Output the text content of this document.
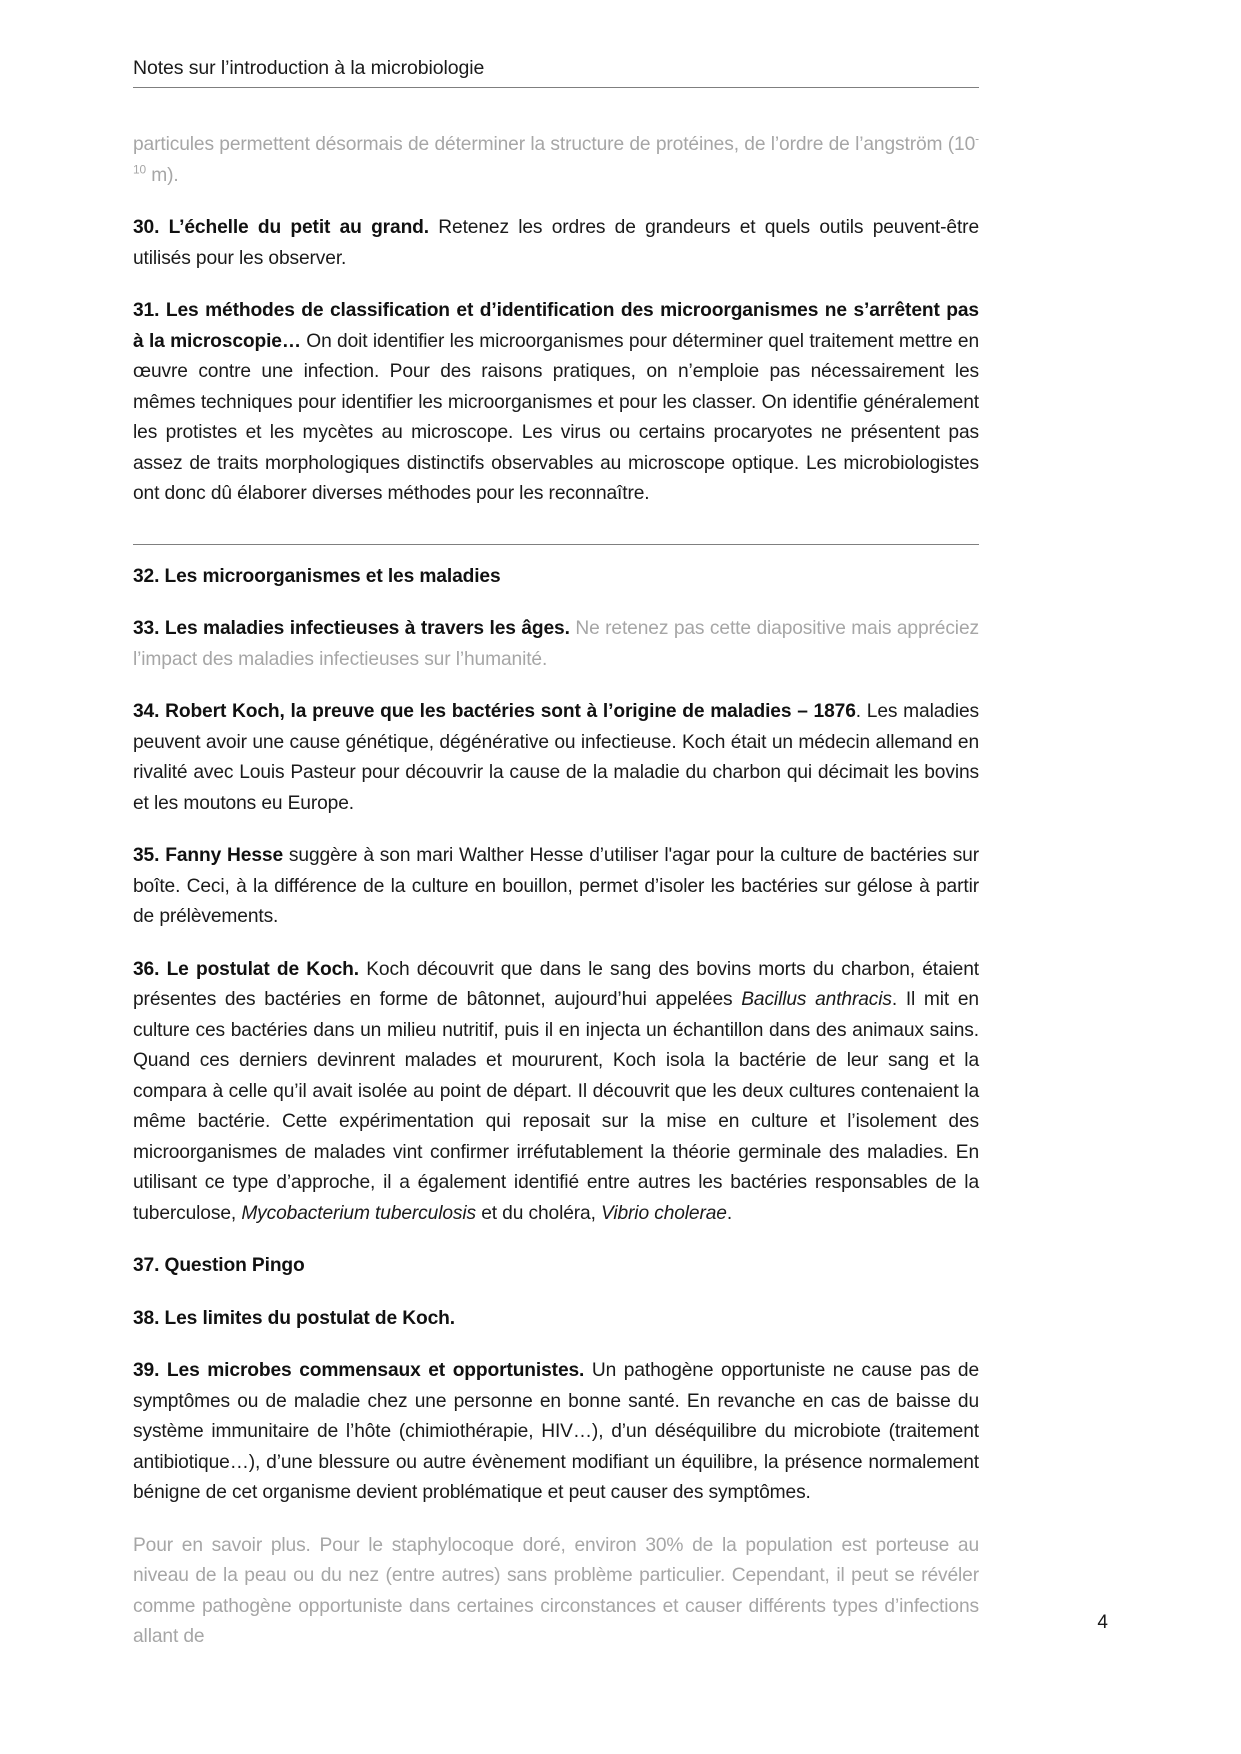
Notes sur l’introduction à la microbiologie

particules permettent désormais de déterminer la structure de protéines, de l’ordre de l’angström ($10^{-10}$ m).

30. L’échelle du petit au grand. Retenez les ordres de grandeurs et quels outils peuvent-être utilisés pour les observer.

31. Les méthodes de classification et d’identification des microorganismes ne s’arrêtent pas à la microscopie… On doit identifier les microorganismes pour déterminer quel traitement mettre en œuvre contre une infection. Pour des raisons pratiques, on n’emploie pas nécessairement les mêmes techniques pour identifier les microorganismes et pour les classer. On identifie généralement les protistes et les mycètes au microscope. Les virus ou certains procaryotes ne présentent pas assez de traits morphologiques distinctifs observables au microscope optique. Les microbiologistes ont donc dû élaborer diverses méthodes pour les reconnaître.

32. Les microorganismes et les maladies

33. Les maladies infectieuses à travers les âges. Ne retenez pas cette diapositive mais appréciez l’impact des maladies infectieuses sur l’humanité.

34. Robert Koch, la preuve que les bactéries sont à l’origine de maladies – 1876. Les maladies peuvent avoir une cause génétique, dégénérative ou infectieuse. Koch était un médecin allemand en rivalité avec Louis Pasteur pour découvrir la cause de la maladie du charbon qui décimait les bovins et les moutons eu Europe.

35. Fanny Hesse suggère à son mari Walther Hesse d’utiliser l'agar pour la culture de bactéries sur boîte. Ceci, à la différence de la culture en bouillon, permet d’isoler les bactéries sur gélose à partir de prélèvements.

36. Le postulat de Koch. Koch découvrit que dans le sang des bovins morts du charbon, étaient présentes des bactéries en forme de bâtonnet, aujourd’hui appelées Bacillus anthracis. Il mit en culture ces bactéries dans un milieu nutritif, puis il en injecta un échantillon dans des animaux sains. Quand ces derniers devinrent malades et moururent, Koch isola la bactérie de leur sang et la compara à celle qu’il avait isolée au point de départ. Il découvrit que les deux cultures contenaient la même bactérie. Cette expérimentation qui reposait sur la mise en culture et l’isolement des microorganismes de malades vint confirmer irréfutablement la théorie germinale des maladies. En utilisant ce type d’approche, il a également identifié entre autres les bactéries responsables de la tuberculose, Mycobacterium tuberculosis et du choléra, Vibrio cholerae.

37. Question Pingo

38. Les limites du postulat de Koch.

39. Les microbes commensaux et opportunistes. Un pathogène opportuniste ne cause pas de symptômes ou de maladie chez une personne en bonne santé. En revanche en cas de baisse du système immunitaire de l’hôte (chimiothérapie, HIV…), d’un déséquilibre du microbiote (traitement antibiotique…), d’une blessure ou autre évènement modifiant un équilibre, la présence normalement bénigne de cet organisme devient problématique et peut causer des symptômes.

Pour en savoir plus. Pour le staphylocoque doré, environ 30% de la population est porteuse au niveau de la peau ou du nez (entre autres) sans problème particulier. Cependant, il peut se révéler comme pathogène opportuniste dans certaines circonstances et causer différents types d’infections allant de

4
